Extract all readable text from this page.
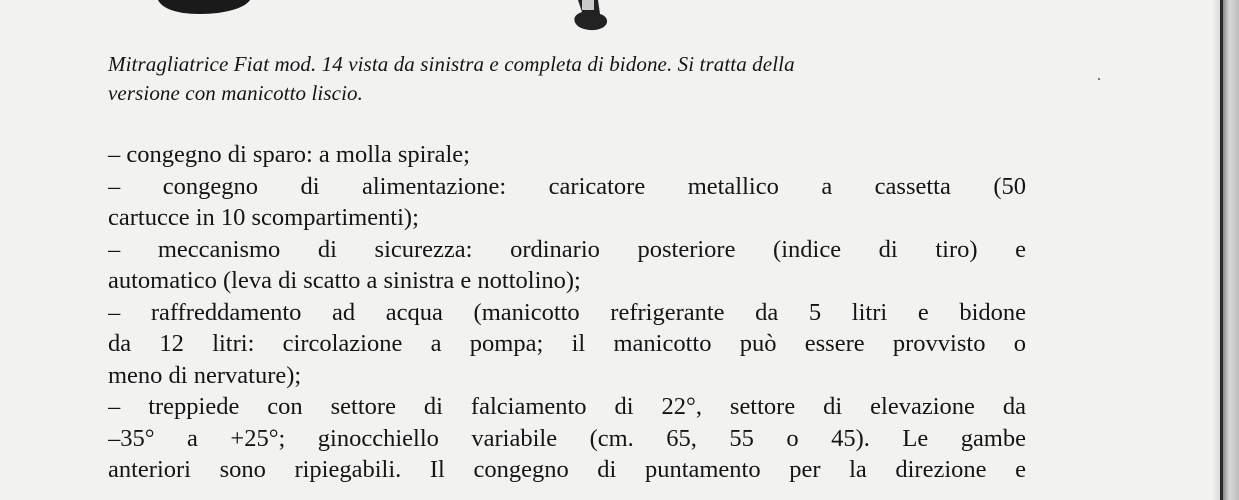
Mitragliatrice Fiat mod. 14 vista da sinistra e completa di bidone. Si tratta della
versione con manicotto liscio.

– congegno di sparo: a molla spirale;
– congegno di alimentazione: caricatore metallico a cassetta (50
cartucce in 10 scompartimenti);
– meccanismo di sicurezza: ordinario posteriore (indice di tiro) e
automatico (leva di scatto a sinistra e nottolino);
– raffreddamento ad acqua (manicotto refrigerante da 5 litri e bidone
da 12 litri: circolazione a pompa; il manicotto può essere provvisto o
meno di nervature);
– treppiede con settore di falciamento di 22°, settore di elevazione da
–35° a +25°; ginocchiello variabile (cm. 65, 55 o 45). Le gambe
anteriori sono ripiegabili. Il congegno di puntamento per la direzione e
